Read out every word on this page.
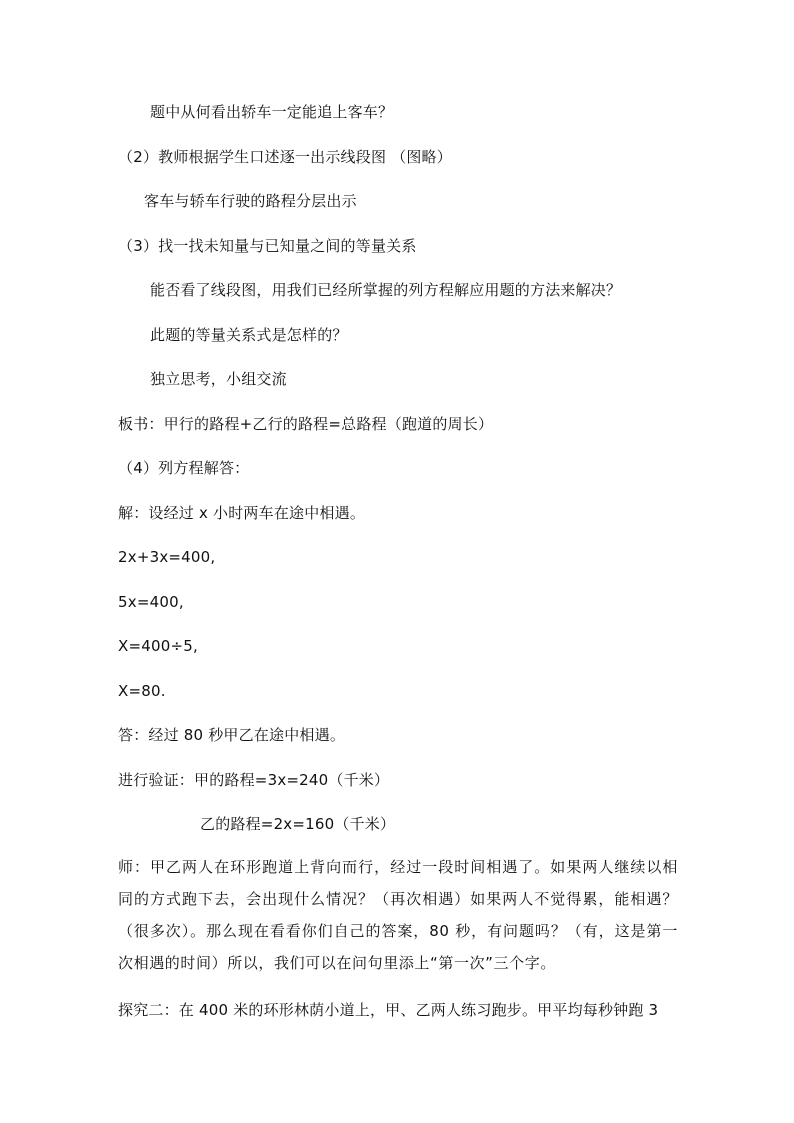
题中从何看出轿车一定能追上客车？
（2）教师根据学生口述逐一出示线段图 （图略）
客车与轿车行驶的路程分层出示
（3）找一找未知量与已知量之间的等量关系
能否看了线段图，用我们已经所掌握的列方程解应用题的方法来解决？
此题的等量关系式是怎样的？
独立思考，小组交流
板书：甲行的路程+乙行的路程=总路程（跑道的周长）
（4）列方程解答：
解：设经过 x 小时两车在途中相遇。
2x+3x=400,
5x=400,
X=400÷5,
X=80.
答：经过 80 秒甲乙在途中相遇。
进行验证：甲的路程=3x=240（千米）
乙的路程=2x=160（千米）
师：甲乙两人在环形跑道上背向而行，经过一段时间相遇了。如果两人继续以相同的方式跑下去，会出现什么情况？（再次相遇）如果两人不觉得累，能相遇？（很多次）。那么现在看看你们自己的答案，80 秒，有问题吗？（有，这是第一次相遇的时间）所以，我们可以在问句里添上“第一次”三个字。
探究二：在 400 米的环形林荫小道上，甲、乙两人练习跑步。甲平均每秒钟跑 3
